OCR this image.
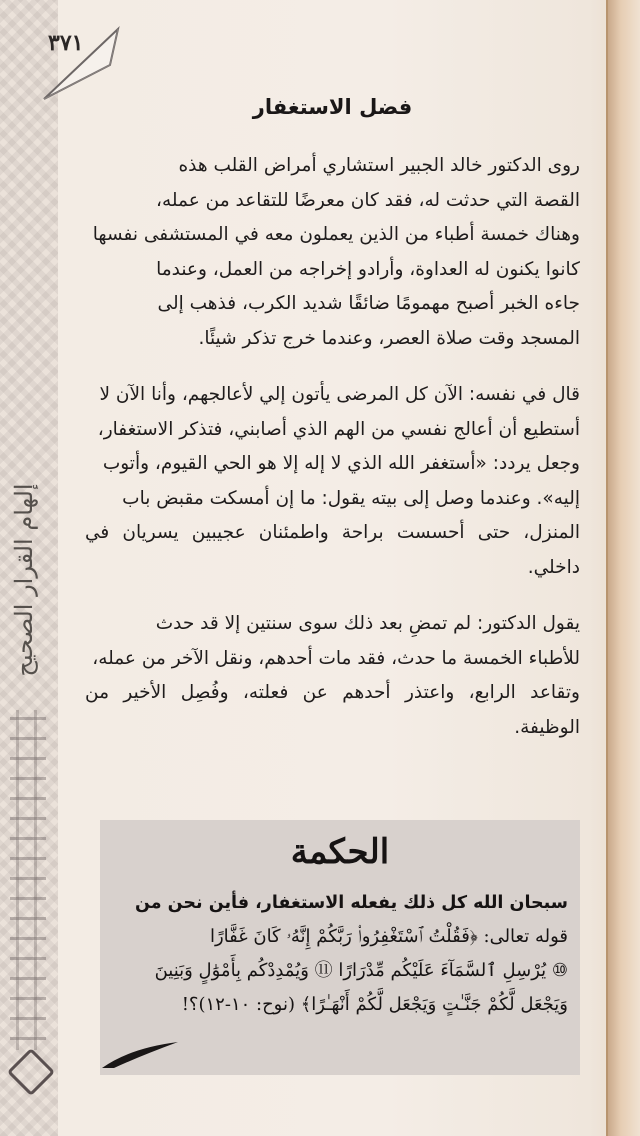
إلهام القرار الصحيح
٣٧١
فضل الاستغفار

روى الدكتور خالد الجبير استشاري أمراض القلب هذه

القصة التي حدثت له، فقد كان معرضًا للتقاعد من عمله،

وهناك خمسة أطباء من الذين يعملون معه في المستشفى نفسها

كانوا يكنون له العداوة، وأرادو إخراجه من العمل، وعندما

جاءه الخبر أصبح مهمومًا ضائقًا شديد الكرب، فذهب إلى

المسجد وقت صلاة العصر، وعندما خرج تذكر شيئًا.

قال في نفسه: الآن كل المرضى يأتون إلي لأعالجهم، وأنا الآن لا

أستطيع أن أعالج نفسي من الهم الذي أصابني، فتذكر الاستغفار،

وجعل يردد: «أستغفر الله الذي لا إله إلا هو الحي القيوم، وأتوب

إليه». وعندما وصل إلى بيته يقول: ما إن أمسكت مقبض باب

المنزل، حتى أحسست براحة واطمئنان عجيبين يسريان في داخلي.

يقول الدكتور: لم تمضِ بعد ذلك سوى سنتين إلا قد حدث

للأطباء الخمسة ما حدث، فقد مات أحدهم، ونقل الآخر من عمله،

وتقاعد الرابع، واعتذر أحدهم عن فعلته، وفُصِل الأخير من الوظيفة.

الحكمة

سبحان الله كل ذلك يفعله الاستغفار، فأين نحن من

قوله تعالى: ﴿فَقُلْتُ ٱسْتَغْفِرُوا۟ رَبَّكُمْ إِنَّهُۥ كَانَ غَفَّارًا

⑩ يُرْسِلِ ٱلسَّمَآءَ عَلَيْكُم مِّدْرَارًا ⑪ وَيُمْدِدْكُم بِأَمْوَٰلٍ وَبَنِينَ

وَيَجْعَل لَّكُمْ جَنَّـٰتٍ وَيَجْعَل لَّكُمْ أَنْهَـٰرًا﴾ (نوح: ١٠-١٢)؟!
